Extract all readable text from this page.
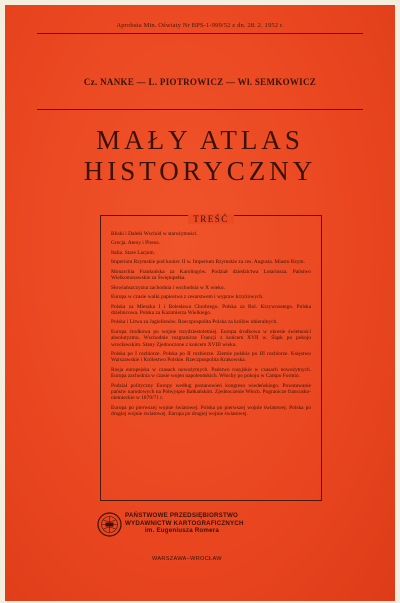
Aprobata Min. Oświaty Nr BPS-1-999/52 z dn. 28. 2. 1952 r.
Cz. NANKE — L. PIOTROWICZ — Wł. SEMKOWICZ
MAŁY ATLAS
HISTORYCZNY
TREŚĆ
Bliski i Daleki Wschód w starożytności.
Grecja. Ateny i Pireus.
Italia. Stare Lacjum.
Imperium Rzymskie pod koniec II w. Imperium Rzymskie za ces. Augusta. Miasto Rzym.
Monarchia Frankońska za Karolingów. Podział dziedzictwa Lotariusza. Państwo Wielkomorawskie za Świętopełka.
Słowiańszczyzna zachodnia i wschodnia w X wieku.
Europa w czasie walki papiestwa z cesarstwem i wypraw krzyżowych.
Polska za Mieszka I i Bolesława Chrobrego. Polska za Bol. Krzywoustego. Polska dzielnicowa. Polska za Kazimierza Wielkiego.
Polska i Litwa za Jagiellonów. Rzeczpospolita Polska za królów obieralnych.
Europa środkowa po wojnie trzydziestoletniej. Europa środkowa w okresie świetności absolutyzmu. Wschodnie rozgranicze Francji z końcem XVII w. Śląsk po pokoju wrocławskim. Stany Zjednoczone z końcem XVIII wieku.
Polska po I rozbiorze. Polska po II rozbiorze. Ziemie polskie po III rozbiorze. Księstwo Warszawskie i Królestwo Polskie. Rzeczpospolita Krakowska.
Rosja europejska w czasach nowożytnych. Państwo rosyjskie w czasach nowożytnych. Europa zachodnia w czasie wojen napoleońskich. Włochy po pokoju w Campo Formio.
Podział polityczny Europy według postanowień kongresu wiedeńskiego. Powstawanie państw narodowych na Półwyspie Bałkańskim. Zjednoczenie Włoch. Pogranicze francusko-niemieckie w 1870/71 r.
Europa po pierwszej wojnie światowej. Polska po pierwszej wojnie światowej. Polska po drugiej wojnie światowej. Europa po drugiej wojnie światowej.
PAŃSTWOWE PRZEDSIĘBIORSTWO
WYDAWNICTW KARTOGRAFICZNYCH
im. Eugeniusza Romera
WARSZAWA–WROCŁAW
